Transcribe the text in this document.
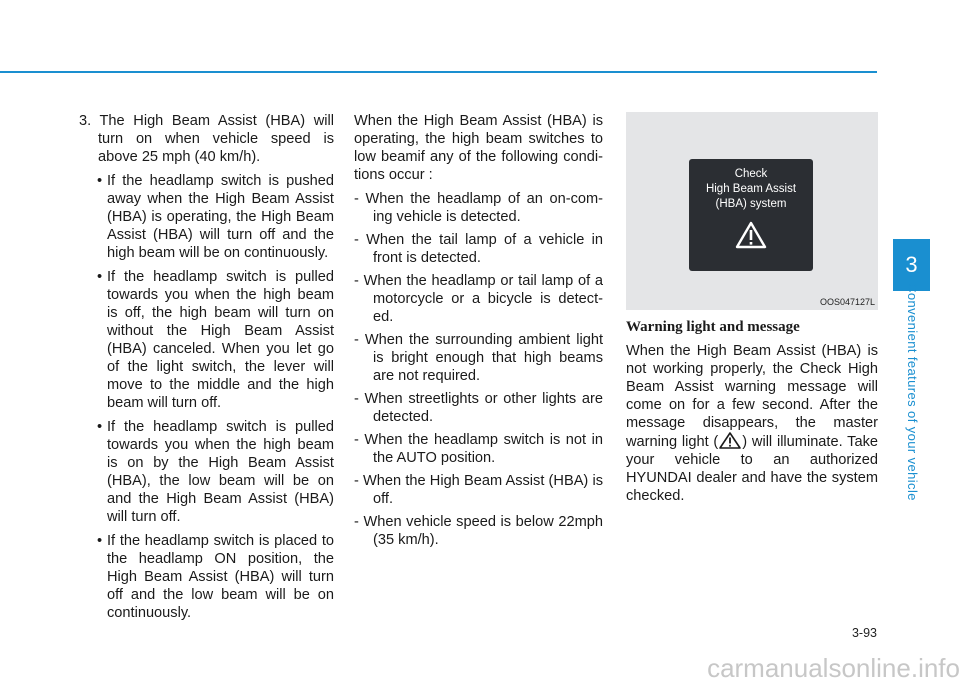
3. The High Beam Assist (HBA) will turn on when vehicle speed is above 25 mph (40 km/h).

• If the headlamp switch is pushed away when the High Beam Assist (HBA) is operating, the High Beam Assist (HBA) will turn off and the high beam will be on continuously.

• If the headlamp switch is pulled towards you when the high beam is off, the high beam will turn on without the High Beam Assist (HBA) canceled. When you let go of the light switch, the lever will move to the middle and the high beam will turn off.

• If the headlamp switch is pulled towards you when the high beam is on by the High Beam Assist (HBA), the low beam will be on and the High Beam Assist (HBA) will turn off.

• If the headlamp switch is placed to the headlamp ON position, the High Beam Assist (HBA) will turn off and the low beam will be on continuously.

When the High Beam Assist (HBA) is operating, the high beam switches to low beamif any of the following condi-tions occur :

- When the headlamp of an on-com-ing vehicle is detected.

- When the tail lamp of a vehicle in front is detected.

- When the headlamp or tail lamp of a motorcycle or a bicycle is detect-ed.

- When the surrounding ambient light is bright enough that high beams are not required.

- When streetlights or other lights are detected.

- When the headlamp switch is not in the AUTO position.

- When the High Beam Assist (HBA) is off.

- When vehicle speed is below 22mph (35 km/h).

Check
High Beam Assist
(HBA) system
OOS047127L

Warning light and message

When the High Beam Assist (HBA) is not working properly, the Check High Beam Assist warning message will come on for a few second. After the message disappears, the master warning light ( ) will illuminate. Take your vehicle to an authorized HYUNDAI dealer and have the system checked.

3
Convenient features of your vehicle
3-93
carmanualsonline.info
